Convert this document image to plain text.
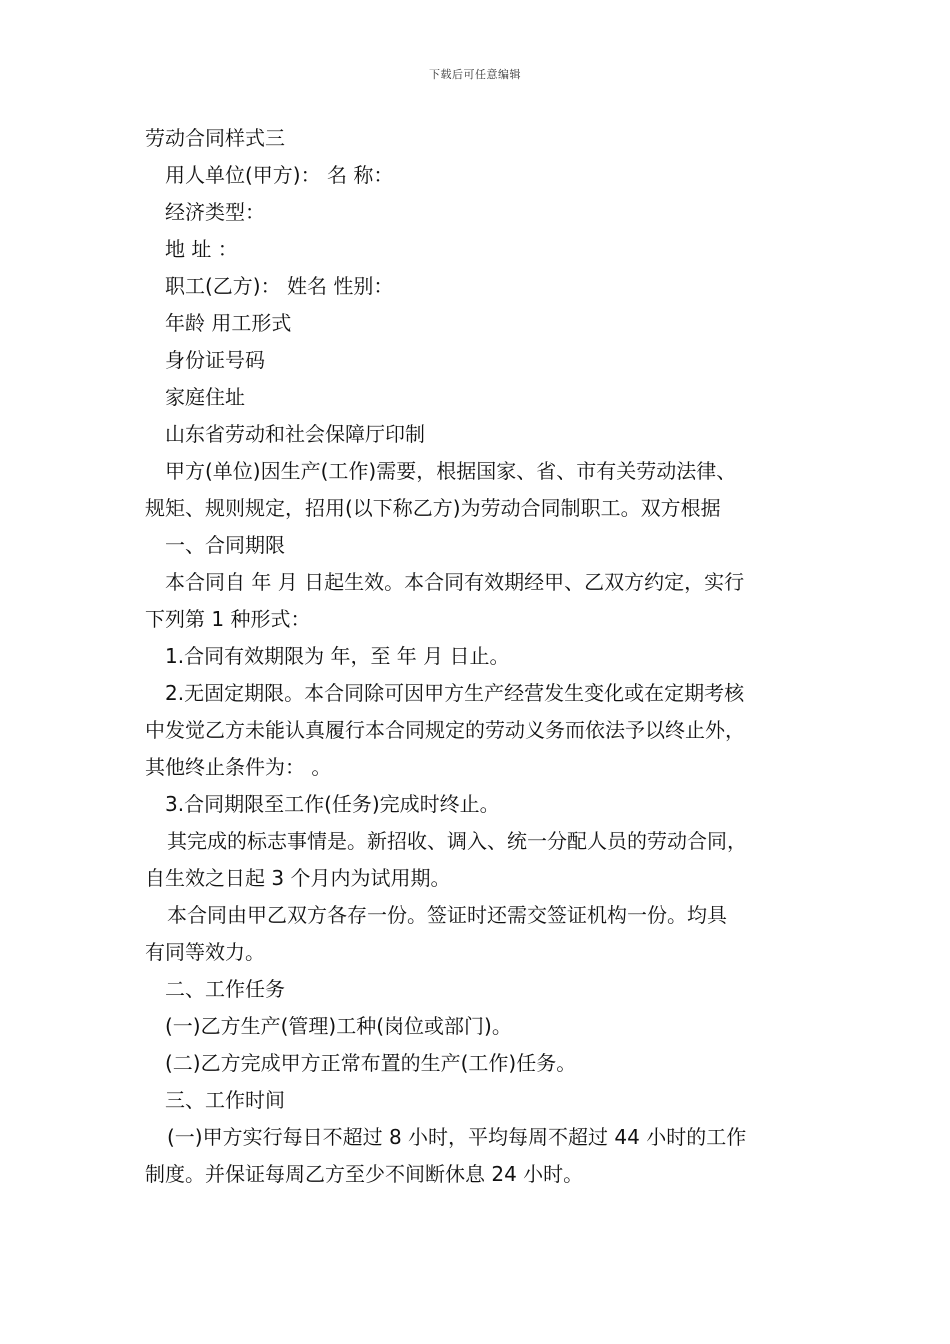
下载后可任意编辑
劳动合同样式三
用人单位(甲方)： 名 称：
经济类型：
地 址 ：
职工(乙方)： 姓名 性别：
年龄 用工形式
身份证号码
家庭住址
山东省劳动和社会保障厅印制
甲方(单位)因生产(工作)需要，根据国家、省、市有关劳动法律、
规矩、规则规定，招用(以下称乙方)为劳动合同制职工。双方根据
一、合同期限
本合同自 年 月 日起生效。本合同有效期经甲、乙双方约定，实行
下列第 1 种形式：
1.合同有效期限为 年，至 年 月 日止。
2.无固定期限。本合同除可因甲方生产经营发生变化或在定期考核
中发觉乙方未能认真履行本合同规定的劳动义务而依法予以终止外，
其他终止条件为： 。
3.合同期限至工作(任务)完成时终止。
其完成的标志事情是。新招收、调入、统一分配人员的劳动合同，
自生效之日起 3 个月内为试用期。
本合同由甲乙双方各存一份。签证时还需交签证机构一份。均具
有同等效力。
二、工作任务
(一)乙方生产(管理)工种(岗位或部门)。
(二)乙方完成甲方正常布置的生产(工作)任务。
三、工作时间
(一)甲方实行每日不超过 8 小时，平均每周不超过 44 小时的工作
制度。并保证每周乙方至少不间断休息 24 小时。
